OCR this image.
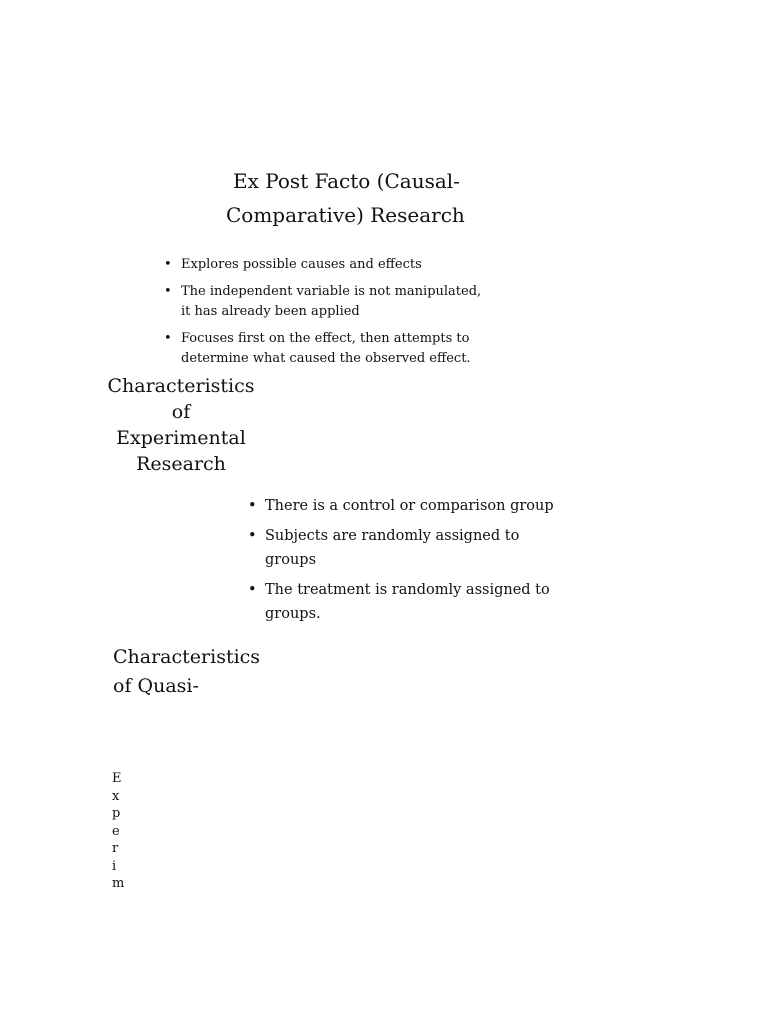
Ex Post Facto (Causal-
Comparative) Research
• Explores possible causes and effects
• The independent variable is not manipulated,
it has already been applied
• Focuses first on the effect, then attempts to
determine what caused the observed effect.
Characteristics
of
Experimental
Research
• There is a control or comparison group
• Subjects are randomly assigned to
groups
• The treatment is randomly assigned to
groups.
Characteristics
of Quasi-
E
x
p
e
r
i
m
